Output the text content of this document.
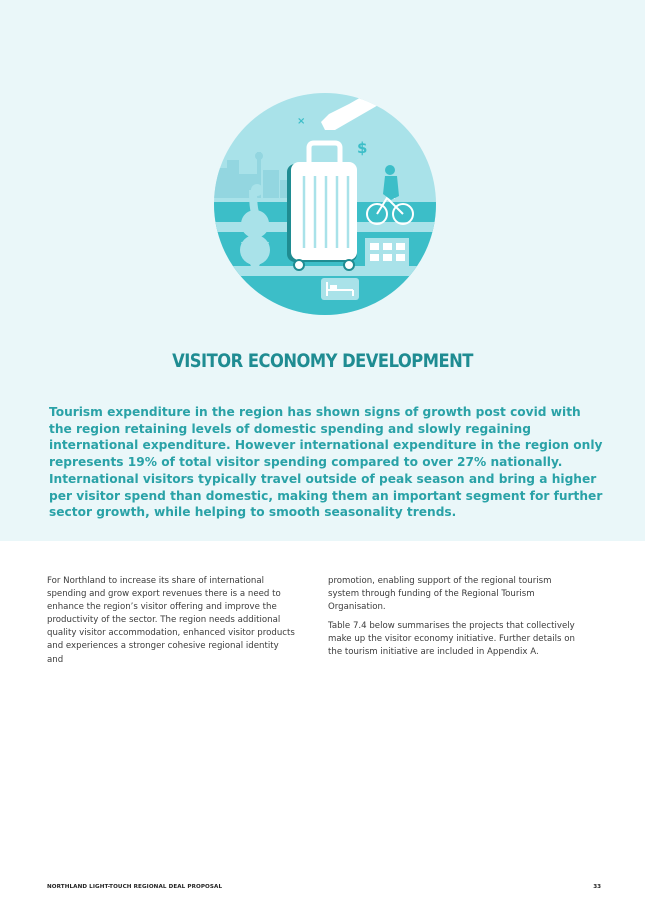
$
×
VISITOR ECONOMY DEVELOPMENT

Tourism expenditure in the region has shown signs of growth post covid with the region retaining levels of domestic spending and slowly regaining international expenditure. However international expenditure in the region only represents 19% of total visitor spending compared to over 27% nationally. International visitors typically travel outside of peak season and bring a higher per visitor spend than domestic, making them an important segment for further sector growth, while helping to smooth seasonality trends.

For Northland to increase its share of international spending and grow export revenues there is a need to enhance the region’s visitor offering and improve the productivity of the sector. The region needs additional quality visitor accommodation, enhanced visitor products and experiences a stronger cohesive regional identity and

promotion, enabling support of the regional tourism system through funding of the Regional Tourism Organisation.

Table 7.4 below summarises the projects that collectively make up the visitor economy initiative. Further details on the tourism initiative are included in Appendix A.

NORTHLAND LIGHT-TOUCH REGIONAL DEAL PROPOSAL	33
